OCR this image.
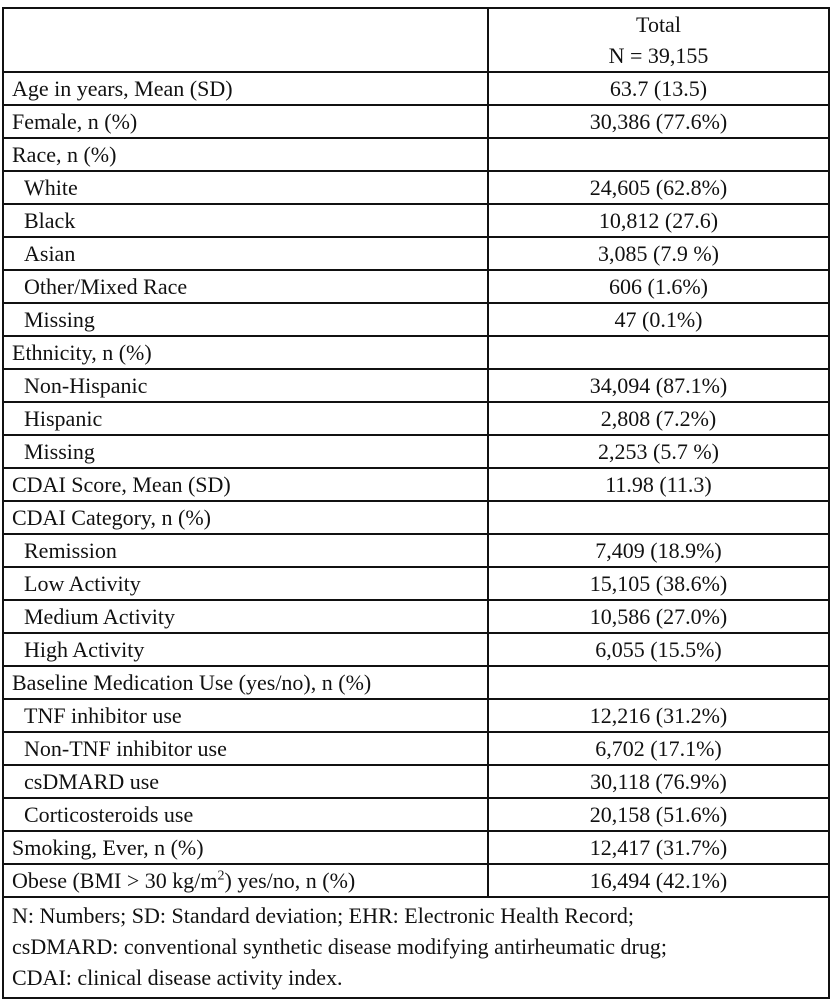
	Total
N = 39,155

Age in years, Mean (SD)	63.7 (13.5)
Female, n (%)	30,386 (77.6%)
Race, n (%)	
White	24,605 (62.8%)
Black	10,812 (27.6)
Asian	3,085 (7.9 %)
Other/Mixed Race	606 (1.6%)
Missing	47 (0.1%)
Ethnicity, n (%)	
Non-Hispanic	34,094 (87.1%)
Hispanic	2,808 (7.2%)
Missing	2,253 (5.7 %)
CDAI Score, Mean (SD)	11.98 (11.3)
CDAI Category, n (%)	
Remission	7,409 (18.9%)
Low Activity	15,105 (38.6%)
Medium Activity	10,586 (27.0%)
High Activity	6,055 (15.5%)
Baseline Medication Use (yes/no), n (%)	
TNF inhibitor use	12,216 (31.2%)
Non-TNF inhibitor use	6,702 (17.1%)
csDMARD use	30,118 (76.9%)
Corticosteroids use	20,158 (51.6%)
Smoking, Ever, n (%)	12,417 (31.7%)
Obese (BMI > 30 $kg/m^2$) yes/no, n (%)	16,494 (42.1%)

N: Numbers; SD: Standard deviation; EHR: Electronic Health Record;
csDMARD: conventional synthetic disease modifying antirheumatic drug;
CDAI: clinical disease activity index.	
